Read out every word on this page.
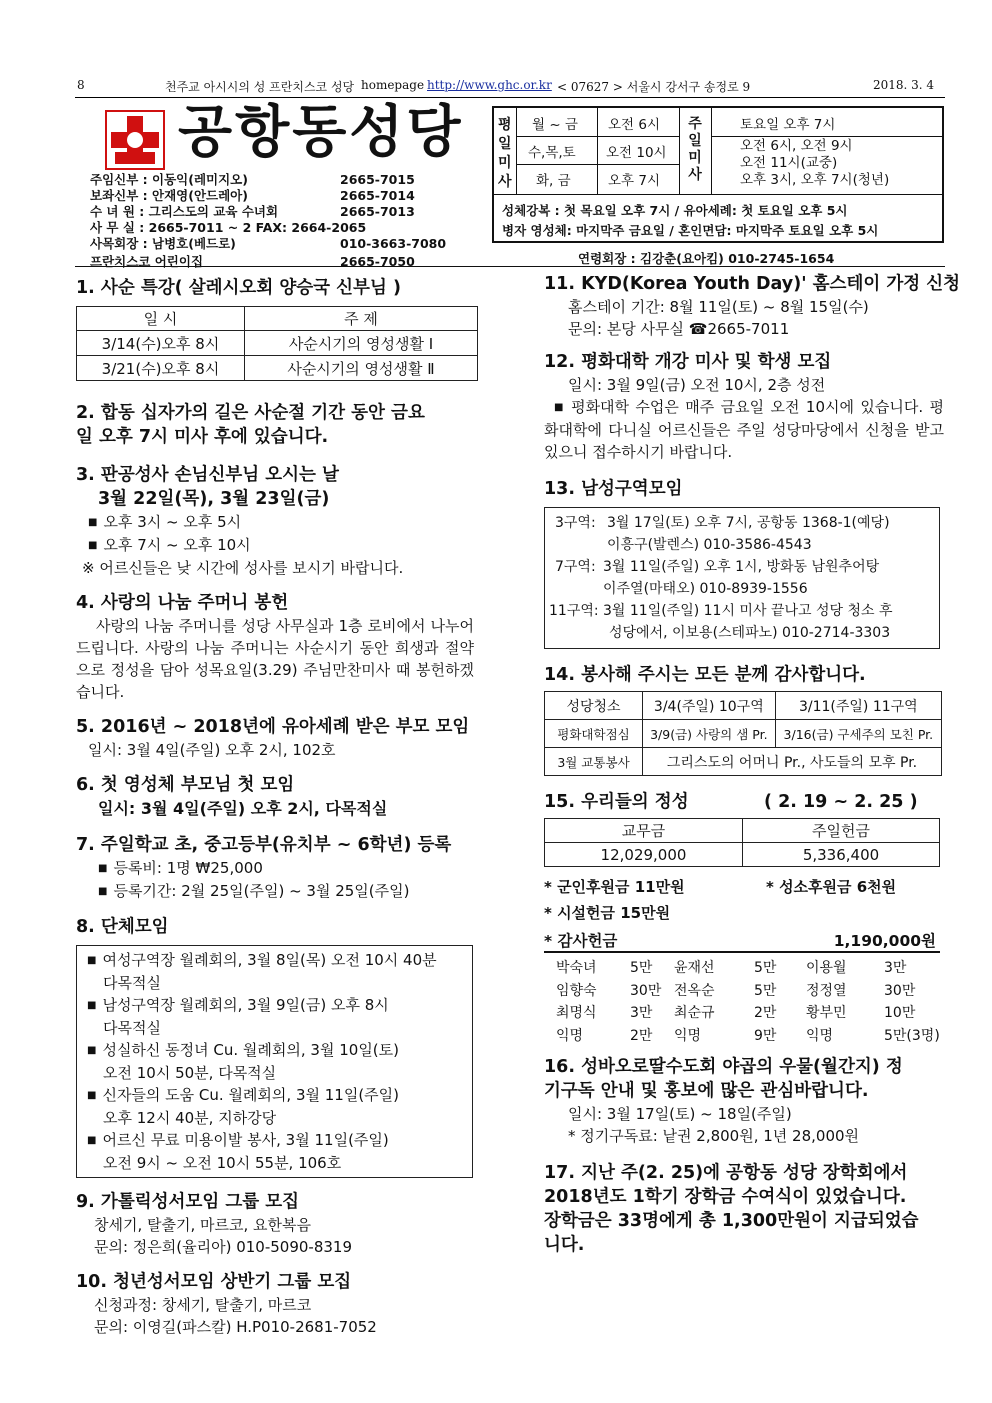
8	천주교 아시시의 성 프란치스코 성당 homepage http://www.ghc.or.kr < 07627 > 서울시 강서구 송정로 9	2018. 3. 4
공항동성당
주임신부 : 이동익(레미지오)	2665-7015
보좌신부 : 안재영(안드레아)	2665-7014
수 녀 원 : 그리스도의 교육 수녀회	2665-7013
사 무 실 : 2665-7011 ~ 2 FAX: 2664-2065
사목회장 : 남병호(베드로)	010-3663-7080
프란치스코 어린이집	2665-7050	연령회장 : 김강춘(요아킴) 010-2745-1654
평일미사
주일미사
월 ~ 금 오전 6시
수,목,토 오전 10시
화, 금	오후 7시
토요일 오후 7시
오전 6시, 오전 9시
오전 11시(교중)
오후 3시, 오후 7시(청년)
성체강복 : 첫 목요일 오후 7시 / 유아세례: 첫 토요일 오후 5시
병자 영성체: 마지막주 금요일 / 혼인면담: 마지막주 토요일 오후 5시
1. 사순 특강( 살레시오회 양승국 신부님 )
일 시	주 제
3/14(수)오후 8시	사순시기의 영성생활 Ⅰ
3/21(수)오후 8시	사순시기의 영성생활 Ⅱ
2. 합동 십자가의 길은 사순절 기간 동안 금요
일 오후 7시 미사 후에 있습니다.
3. 판공성사 손님신부님 오시는 날
3월 22일(목), 3월 23일(금)
■ 오후 3시 ~ 오후 5시
■ 오후 7시 ~ 오후 10시
※ 어르신들은 낮 시간에 성사를 보시기 바랍니다.
4. 사랑의 나눔 주머니 봉헌
사랑의 나눔 주머니를 성당 사무실과 1층 로비에서 나누어 드립니다. 사랑의 나눔 주머니는 사순시기 동안 희생과 절약으로 정성을 담아 성목요일(3.29) 주님만찬미사 때 봉헌하겠습니다.
5. 2016년 ~ 2018년에 유아세례 받은 부모 모임
일시: 3월 4일(주일) 오후 2시, 102호
6. 첫 영성체 부모님 첫 모임
일시: 3월 4일(주일) 오후 2시, 다목적실
7. 주일학교 초, 중고등부(유치부 ~ 6학년) 등록
■ 등록비: 1명 ₩25,000
■ 등록기간: 2월 25일(주일) ~ 3월 25일(주일)
8. 단체모임
■ 여성구역장 월례회의, 3월 8일(목) 오전 10시 40분
다목적실
■ 남성구역장 월례회의, 3월 9일(금) 오후 8시
다목적실
■ 성실하신 동정녀 Cu. 월례회의, 3월 10일(토)
오전 10시 50분, 다목적실
■ 신자들의 도움 Cu. 월례회의, 3월 11일(주일)
오후 12시 40분, 지하강당
■ 어르신 무료 미용이발 봉사, 3월 11일(주일)
오전 9시 ~ 오전 10시 55분, 106호
9. 가톨릭성서모임 그룹 모집
창세기, 탈출기, 마르코, 요한복음
문의: 정은희(율리아) 010-5090-8319
10. 청년성서모임 상반기 그룹 모집
신청과정: 창세기, 탈출기, 마르코
문의: 이영길(파스칼) H.P010-2681-7052
11. KYD(Korea Youth Day)' 홈스테이 가정 신청
홈스테이 기간: 8월 11일(토) ~ 8월 15일(수)
문의: 본당 사무실 ☎2665-7011
12. 평화대학 개강 미사 및 학생 모집
일시: 3월 9일(금) 오전 10시, 2층 성전
■ 평화대학 수업은 매주 금요일 오전 10시에 있습니다. 평화대학에 다니실 어르신들은 주일 성당마당에서 신청을 받고 있으니 접수하시기 바랍니다.
13. 남성구역모임
3구역: 3월 17일(토) 오후 7시, 공항동 1368-1(예당)
이흥구(발렌스) 010-3586-4543
7구역: 3월 11일(주일) 오후 1시, 방화동 남원추어탕
이주열(마태오) 010-8939-1556
11구역: 3월 11일(주일) 11시 미사 끝나고 성당 청소 후
성당에서, 이보용(스테파노) 010-2714-3303
14. 봉사해 주시는 모든 분께 감사합니다.
성당청소	3/4(주일) 10구역	3/11(주일) 11구역
평화대학점심	3/9(금) 사랑의 샘 Pr.	3/16(금) 구세주의 모친 Pr.
3월 교통봉사	그리스도의 어머니 Pr., 사도들의 모후 Pr.	
15. 우리들의 정성	( 2. 19 ~ 2. 25 )
교무금	주일헌금
12,029,000	5,336,400
* 군인후원금 11만원	* 성소후원금 6천원
* 시설헌금 15만원
* 감사헌금	1,190,000원
박숙녀 5만 윤재선	5만 이용월	3만
임향숙 30만 전옥순	5만 정정열	30만
최명식 3만 최순규	2만 황부민	10만
익명	2만 익명	9만 익명	5만(3명)
16. 성바오로딸수도회 야곱의 우물(월간지) 정
기구독 안내 및 홍보에 많은 관심바랍니다.
일시: 3월 17일(토) ~ 18일(주일)
* 정기구독료: 낱권 2,800원, 1년 28,000원
17. 지난 주(2. 25)에 공항동 성당 장학회에서
2018년도 1학기 장학금 수여식이 있었습니다.
장학금은 33명에게 총 1,300만원이 지급되었습
니다.
